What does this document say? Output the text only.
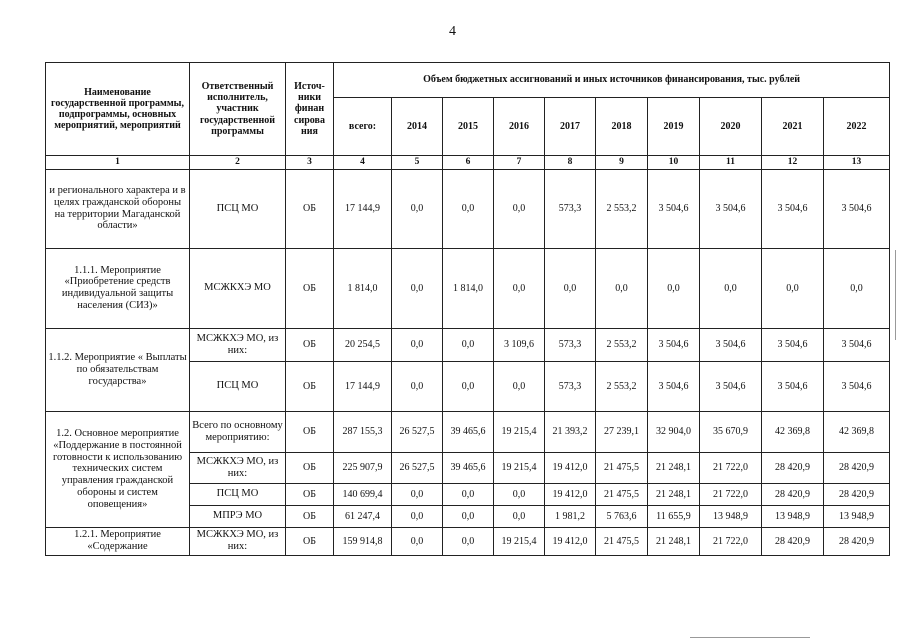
4
Наименование государственной программы, подпрограммы, основных мероприятий, мероприятий	Ответственный исполнитель, участник государственной программы	Источ-ники финан сирова ния	Объем бюджетных ассигнований и иных источников финансирования, тыс. рублей									
			всего:	2014	2015	2016	2017	2018	2019	2020	2021	2022
1	2	3	4	5	6	7	8	9	10	11	12	13
и регионального характера и в целях гражданской обороны на территории Магаданской области»	ПСЦ МО	ОБ	17 144,9	0,0	0,0	0,0	573,3	2 553,2	3 504,6	3 504,6	3 504,6	3 504,6
1.1.1. Мероприятие «Приобретение средств индивидуальной защиты населения (СИЗ)»	МСЖКХЭ МО	ОБ	1 814,0	0,0	1 814,0	0,0	0,0	0,0	0,0	0,0	0,0	0,0
1.1.2. Мероприятие « Выплаты по обязательствам государства»	МСЖКХЭ МО, из них:	ОБ	20 254,5	0,0	0,0	3 109,6	573,3	2 553,2	3 504,6	3 504,6	3 504,6	3 504,6
	ПСЦ МО	ОБ	17 144,9	0,0	0,0	0,0	573,3	2 553,2	3 504,6	3 504,6	3 504,6	3 504,6
1.2. Основное мероприятие «Поддержание в постоянной готовности к использованию технических систем управления гражданской обороны и систем оповещения»	Всего по основному мероприятию:	ОБ	287 155,3	26 527,5	39 465,6	19 215,4	21 393,2	27 239,1	32 904,0	35 670,9	42 369,8	42 369,8
	МСЖКХЭ МО, из них:	ОБ	225 907,9	26 527,5	39 465,6	19 215,4	19 412,0	21 475,5	21 248,1	21 722,0	28 420,9	28 420,9
	ПСЦ МО	ОБ	140 699,4	0,0	0,0	0,0	19 412,0	21 475,5	21 248,1	21 722,0	28 420,9	28 420,9
	МПРЭ МО	ОБ	61 247,4	0,0	0,0	0,0	1 981,2	5 763,6	11 655,9	13 948,9	13 948,9	13 948,9
1.2.1. Мероприятие «Содержание	МСЖКХЭ МО, из них:	ОБ	159 914,8	0,0	0,0	19 215,4	19 412,0	21 475,5	21 248,1	21 722,0	28 420,9	28 420,9
